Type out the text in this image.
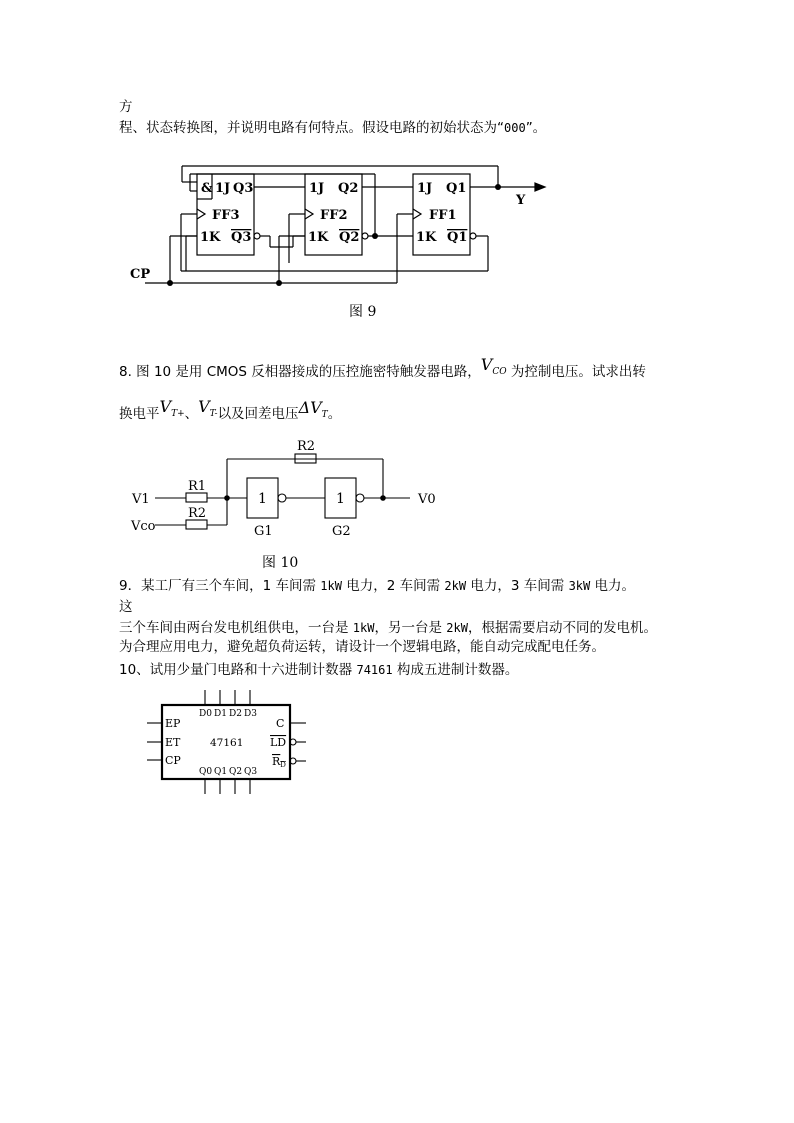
方
程、状态转换图，并说明电路有何特点。假设电路的初始状态为“000”。
& 1J Q3
FF3
1K Q3
1J Q2
FF2
1K Q2
1J Q1
FF1
1K Q1
Y
CP
图 9
8. 图 10 是用 CMOS 反相器接成的压控施密特触发器电路，$V_{CO}$ 为控制电压。试求出转
换电平$V_{T+}$、$V_{T-}$以及回差电压$\Delta V_T$。
R2
R1
R2
V1
Vco
V0
1	1
G1	G2
图 10
9．某工厂有三个车间，1 车间需 1kW 电力，2 车间需 2kW 电力，3 车间需 3kW 电力。
这
三个车间由两台发电机组供电，一台是 1kW，另一台是 2kW，根据需要启动不同的发电机。
为合理应用电力，避免超负荷运转，请设计一个逻辑电路，能自动完成配电任务。
10、试用少量门电路和十六进制计数器 74161 构成五进制计数器。
EP
ET
CP
C
LD
RD
47161
D0 D1 D2 D3
Q0 Q1 Q2 Q3
